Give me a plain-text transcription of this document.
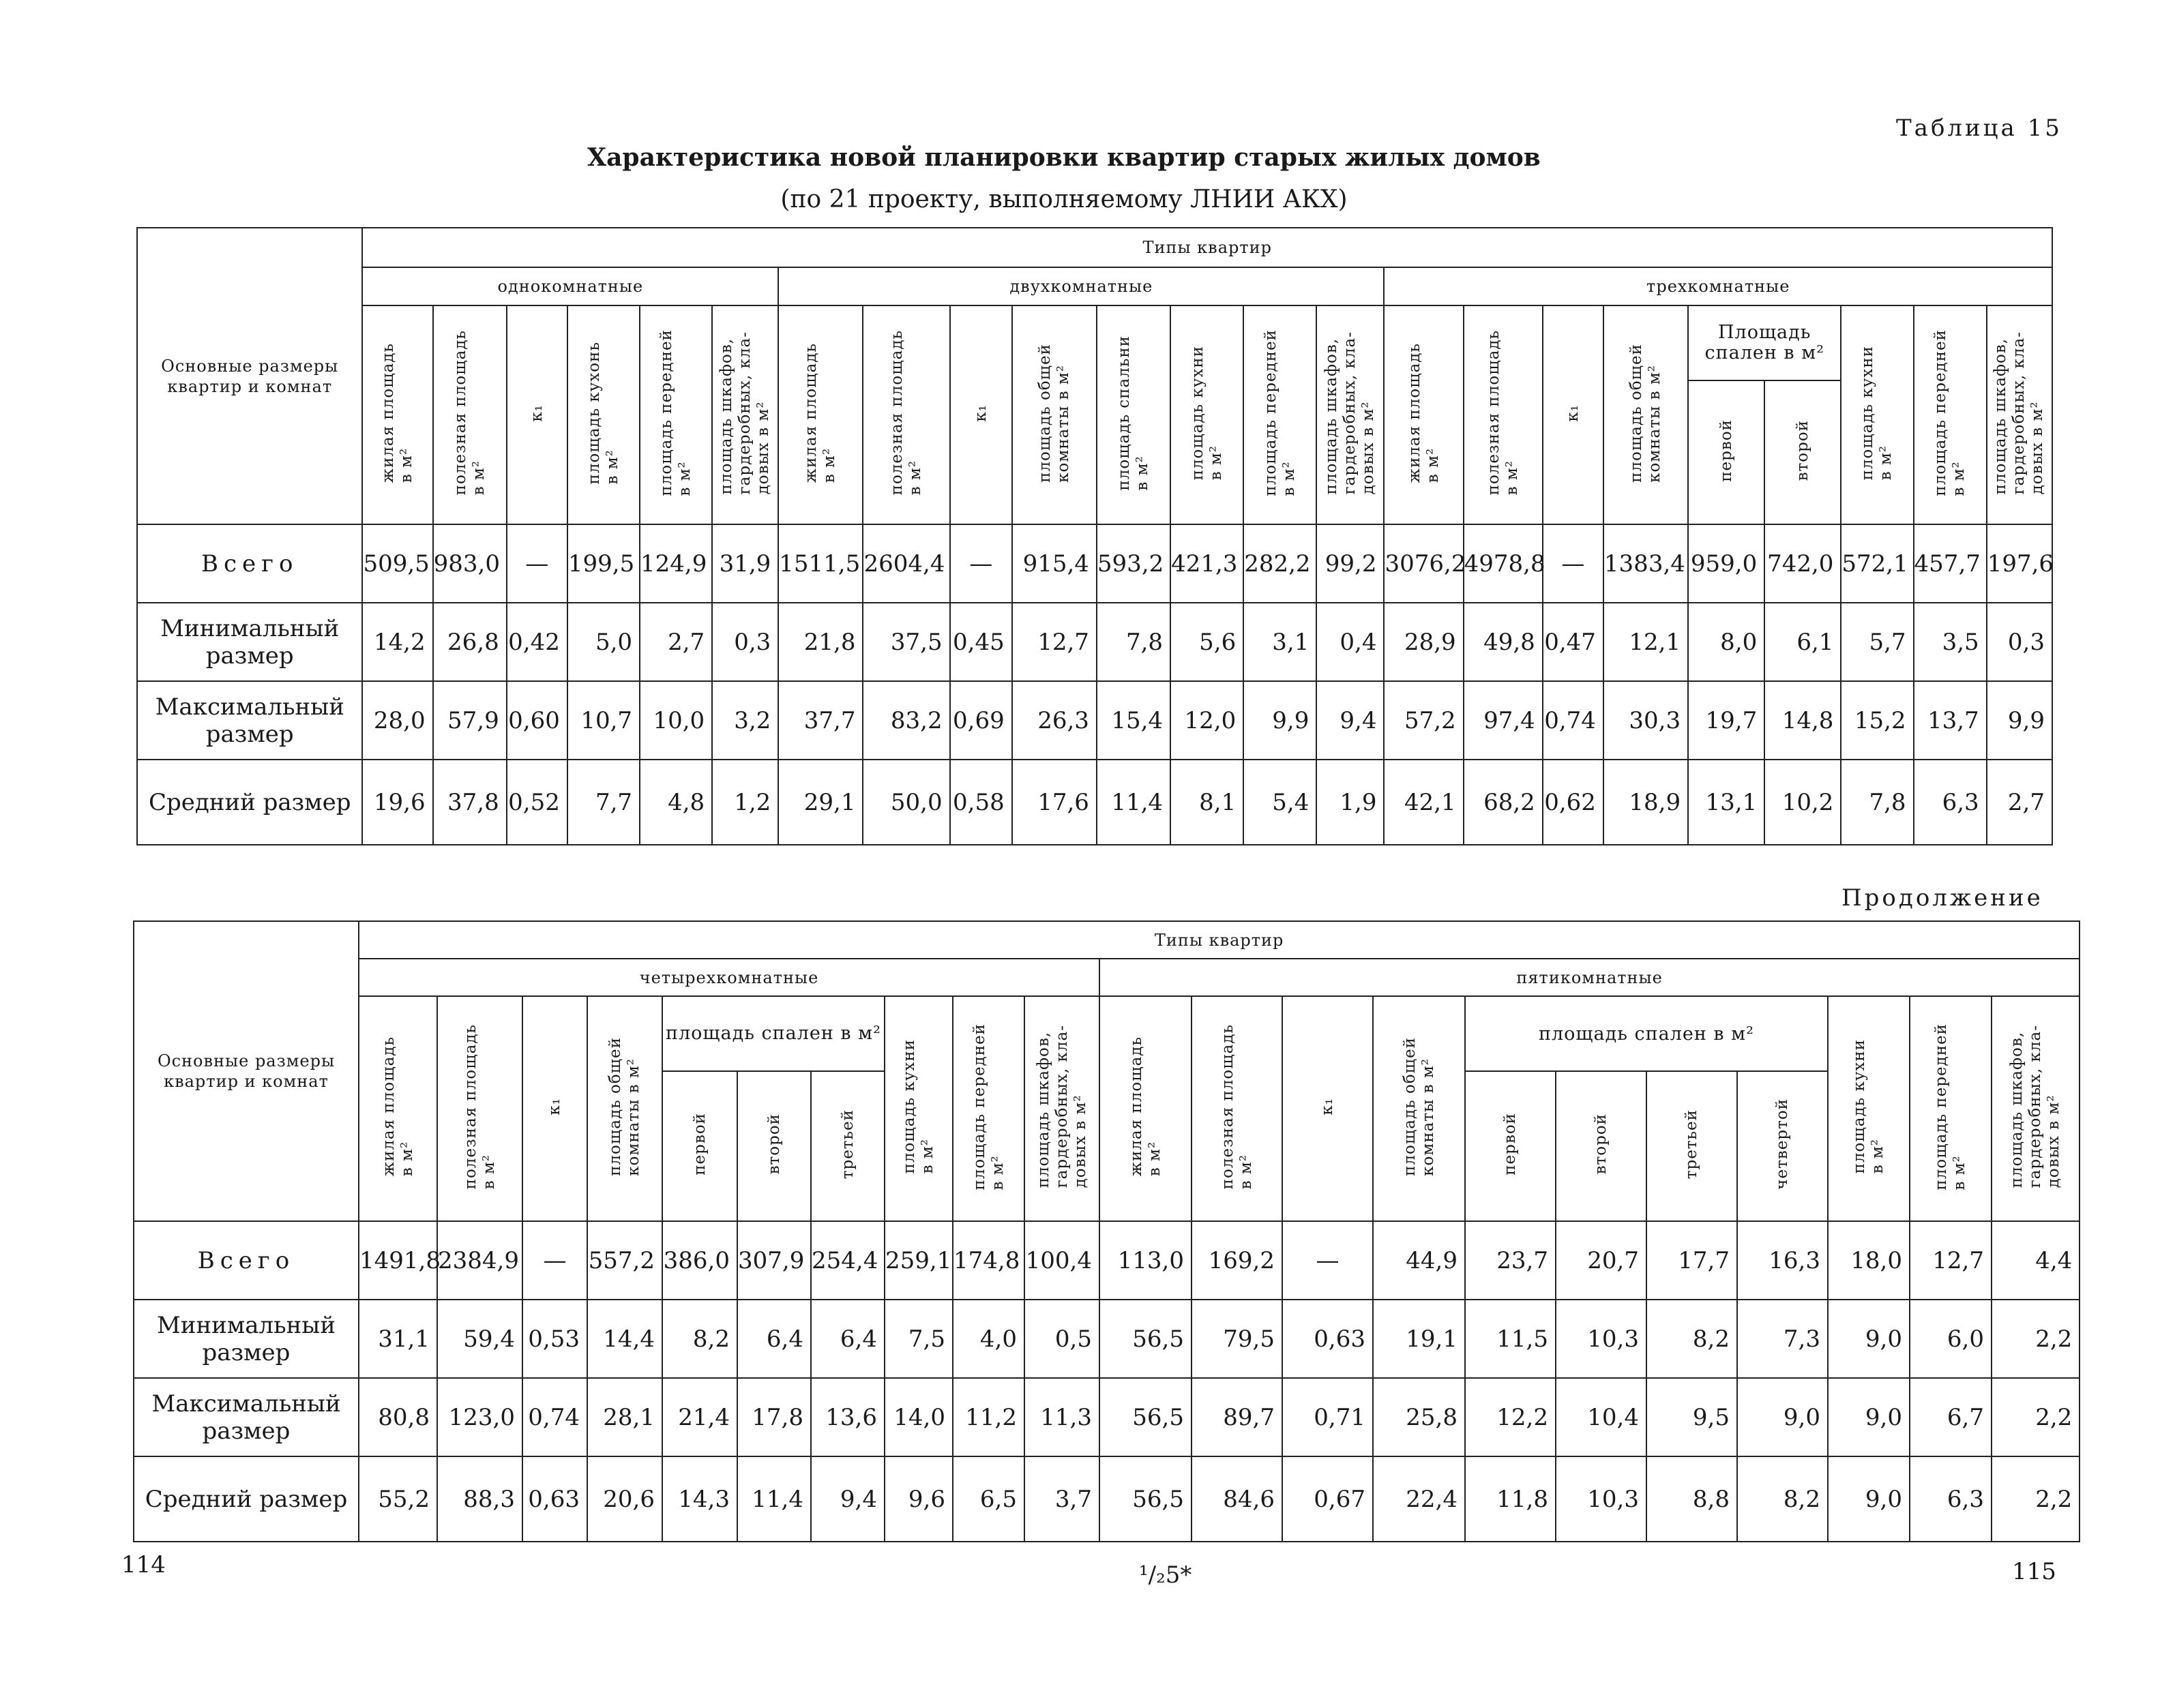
Таблица 15
Характеристика новой планировки квартир старых жилых домов
(по 21 проекту, выполняемому ЛНИИ АКХ)
Основные размеры квартир и комнат	Типы квартир																						
	однокомнатные						двухкомнатные								трехкомнатные								
	жилая площадь
в м²	полезная площадь
в м²	к₁	площадь кухонь
в м²	площадь передней
в м²	площадь шкафов,
гардеробных, кла-
довых в м²	жилая площадь
в м²	полезная площадь
в м²	к₁	площадь общей
комнаты в м²	площадь спальни
в м²	площадь кухни
в м²	площадь передней
в м²	площадь шкафов,
гардеробных, кла-
довых в м²	жилая площадь
в м²	полезная площадь
в м²	к₁	площадь общей
комнаты в м²	Площадь спален в м²		площадь кухни
в м²	площадь передней
в м²	площадь шкафов,
гардеробных, кла-
довых в м²
																			первой	второй			
Всего	509,5	983,0	—	199,5	124,9	31,9	1511,5	2604,4	—	915,4	593,2	421,3	282,2	99,2	3076,2	4978,8	—	1383,4	959,0	742,0	572,1	457,7	197,6
Минимальный размер	14,2	26,8	0,42	5,0	2,7	0,3	21,8	37,5	0,45	12,7	7,8	5,6	3,1	0,4	28,9	49,8	0,47	12,1	8,0	6,1	5,7	3,5	0,3
Максимальный размер	28,0	57,9	0,60	10,7	10,0	3,2	37,7	83,2	0,69	26,3	15,4	12,0	9,9	9,4	57,2	97,4	0,74	30,3	19,7	14,8	15,2	13,7	9,9
Средний размер	19,6	37,8	0,52	7,7	4,8	1,2	29,1	50,0	0,58	17,6	11,4	8,1	5,4	1,9	42,1	68,2	0,62	18,9	13,1	10,2	7,8	6,3	2,7
Продолжение
Основные размеры квартир и комнат	Типы квартир																				
	четырехкомнатные										пятикомнатные										
	жилая площадь
в м²	полезная площадь
в м²	к₁	площадь общей
комнаты в м²	площадь спален в м²			площадь кухни
в м²	площадь передней
в м²	площадь шкафов,
гардеробных, кла-
довых в м²	жилая площадь
в м²	полезная площадь
в м²	к₁	площадь общей
комнаты в м²	площадь спален в м²				площадь кухни
в м²	площадь передней
в м²	площадь шкафов,
гардеробных, кла-
довых в м²
					первой	второй	третьей								первой	второй	третьей	четвертой			
Всего	1491,8	2384,9	—	557,2	386,0	307,9	254,4	259,1	174,8	100,4	113,0	169,2	—	44,9	23,7	20,7	17,7	16,3	18,0	12,7	4,4
Минимальный размер	31,1	59,4	0,53	14,4	8,2	6,4	6,4	7,5	4,0	0,5	56,5	79,5	0,63	19,1	11,5	10,3	8,2	7,3	9,0	6,0	2,2
Максимальный размер	80,8	123,0	0,74	28,1	21,4	17,8	13,6	14,0	11,2	11,3	56,5	89,7	0,71	25,8	12,2	10,4	9,5	9,0	9,0	6,7	2,2
Средний размер	55,2	88,3	0,63	20,6	14,3	11,4	9,4	9,6	6,5	3,7	56,5	84,6	0,67	22,4	11,8	10,3	8,8	8,2	9,0	6,3	2,2
114	¹/₂5*	115
